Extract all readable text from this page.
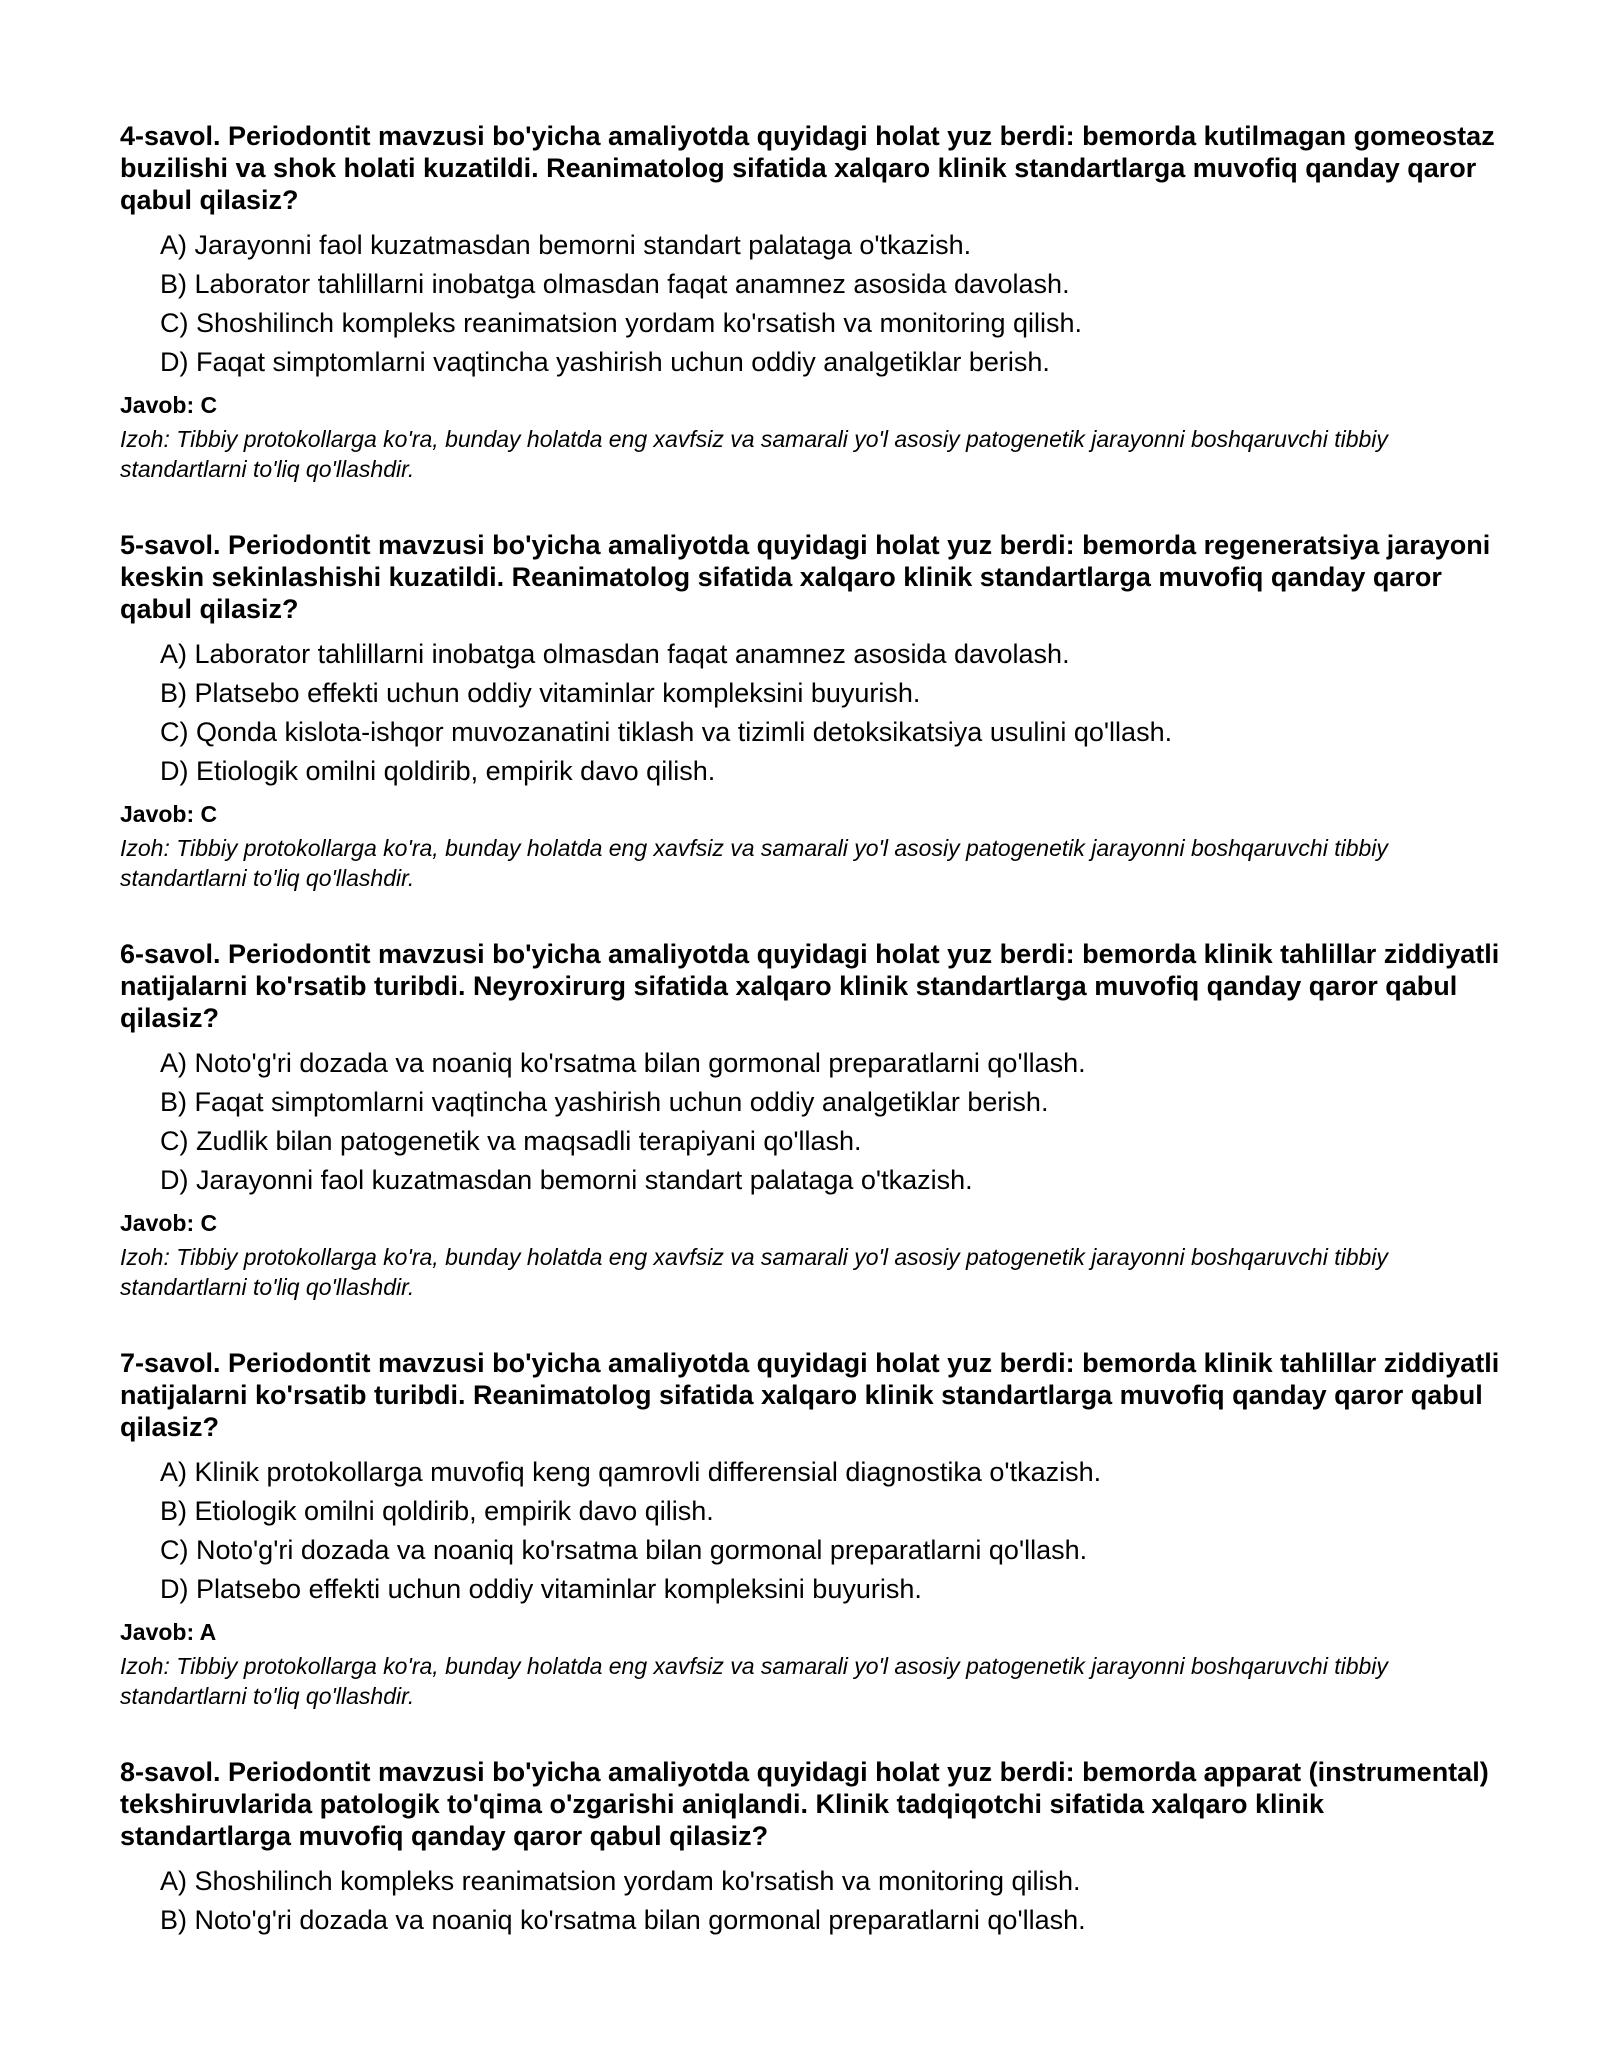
4-savol. Periodontit mavzusi bo'yicha amaliyotda quyidagi holat yuz berdi: bemorda kutilmagan gomeostaz buzilishi va shok holati kuzatildi. Reanimatolog sifatida xalqaro klinik standartlarga muvofiq qanday qaror qabul qilasiz?

A) Jarayonni faol kuzatmasdan bemorni standart palataga o'tkazish.
B) Laborator tahlillarni inobatga olmasdan faqat anamnez asosida davolash.
C) Shoshilinch kompleks reanimatsion yordam ko'rsatish va monitoring qilish.
D) Faqat simptomlarni vaqtincha yashirish uchun oddiy analgetiklar berish.
Javob: C
Izoh: Tibbiy protokollarga ko'ra, bunday holatda eng xavfsiz va samarali yo'l asosiy patogenetik jarayonni boshqaruvchi tibbiy standartlarni to'liq qo'llashdir.

5-savol. Periodontit mavzusi bo'yicha amaliyotda quyidagi holat yuz berdi: bemorda regeneratsiya jarayoni keskin sekinlashishi kuzatildi. Reanimatolog sifatida xalqaro klinik standartlarga muvofiq qanday qaror qabul qilasiz?

A) Laborator tahlillarni inobatga olmasdan faqat anamnez asosida davolash.
B) Platsebo effekti uchun oddiy vitaminlar kompleksini buyurish.
C) Qonda kislota-ishqor muvozanatini tiklash va tizimli detoksikatsiya usulini qo'llash.
D) Etiologik omilni qoldirib, empirik davo qilish.
Javob: C
Izoh: Tibbiy protokollarga ko'ra, bunday holatda eng xavfsiz va samarali yo'l asosiy patogenetik jarayonni boshqaruvchi tibbiy standartlarni to'liq qo'llashdir.

6-savol. Periodontit mavzusi bo'yicha amaliyotda quyidagi holat yuz berdi: bemorda klinik tahlillar ziddiyatli natijalarni ko'rsatib turibdi. Neyroxirurg sifatida xalqaro klinik standartlarga muvofiq qanday qaror qabul qilasiz?

A) Noto'g'ri dozada va noaniq ko'rsatma bilan gormonal preparatlarni qo'llash.
B) Faqat simptomlarni vaqtincha yashirish uchun oddiy analgetiklar berish.
C) Zudlik bilan patogenetik va maqsadli terapiyani qo'llash.
D) Jarayonni faol kuzatmasdan bemorni standart palataga o'tkazish.
Javob: C
Izoh: Tibbiy protokollarga ko'ra, bunday holatda eng xavfsiz va samarali yo'l asosiy patogenetik jarayonni boshqaruvchi tibbiy standartlarni to'liq qo'llashdir.

7-savol. Periodontit mavzusi bo'yicha amaliyotda quyidagi holat yuz berdi: bemorda klinik tahlillar ziddiyatli natijalarni ko'rsatib turibdi. Reanimatolog sifatida xalqaro klinik standartlarga muvofiq qanday qaror qabul qilasiz?

A) Klinik protokollarga muvofiq keng qamrovli differensial diagnostika o'tkazish.
B) Etiologik omilni qoldirib, empirik davo qilish.
C) Noto'g'ri dozada va noaniq ko'rsatma bilan gormonal preparatlarni qo'llash.
D) Platsebo effekti uchun oddiy vitaminlar kompleksini buyurish.
Javob: A
Izoh: Tibbiy protokollarga ko'ra, bunday holatda eng xavfsiz va samarali yo'l asosiy patogenetik jarayonni boshqaruvchi tibbiy standartlarni to'liq qo'llashdir.

8-savol. Periodontit mavzusi bo'yicha amaliyotda quyidagi holat yuz berdi: bemorda apparat (instrumental) tekshiruvlarida patologik to'qima o'zgarishi aniqlandi. Klinik tadqiqotchi sifatida xalqaro klinik standartlarga muvofiq qanday qaror qabul qilasiz?

A) Shoshilinch kompleks reanimatsion yordam ko'rsatish va monitoring qilish.
B) Noto'g'ri dozada va noaniq ko'rsatma bilan gormonal preparatlarni qo'llash.
